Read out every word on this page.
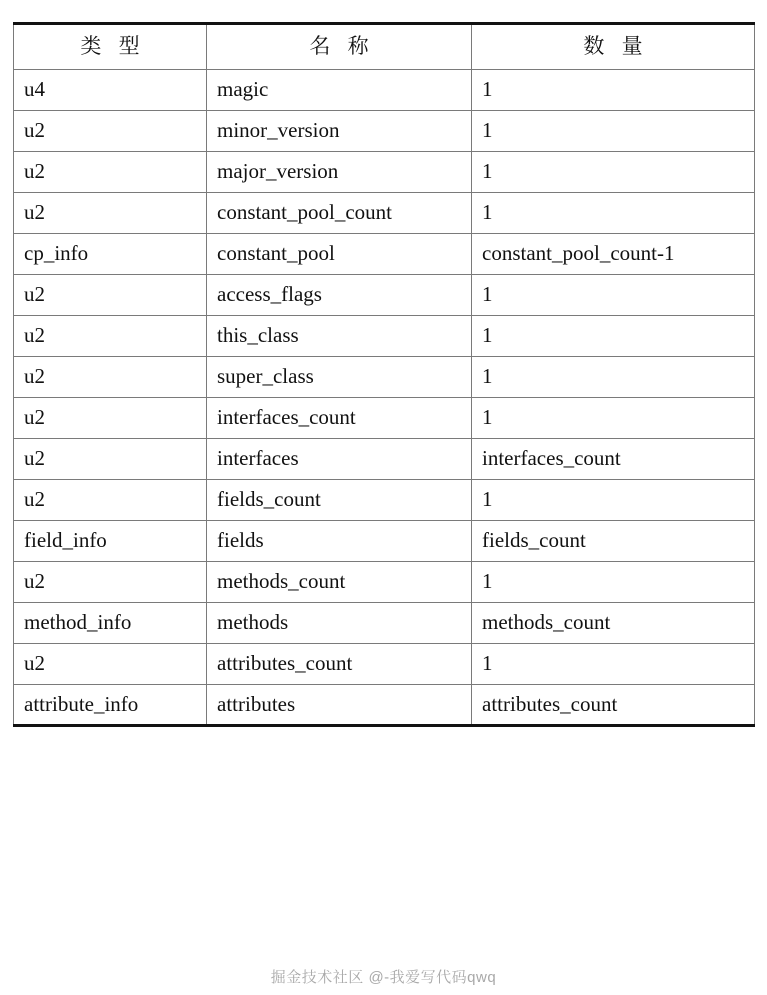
类 型	名 称	数 量
u4	magic	1
u2	minor_version	1
u2	major_version	1
u2	constant_pool_count	1
cp_info	constant_pool	constant_pool_count-1
u2	access_flags	1
u2	this_class	1
u2	super_class	1
u2	interfaces_count	1
u2	interfaces	interfaces_count
u2	fields_count	1
field_info	fields	fields_count
u2	methods_count	1
method_info	methods	methods_count
u2	attributes_count	1
attribute_info	attributes	attributes_count
掘金技术社区 @-我爱写代码qwq
